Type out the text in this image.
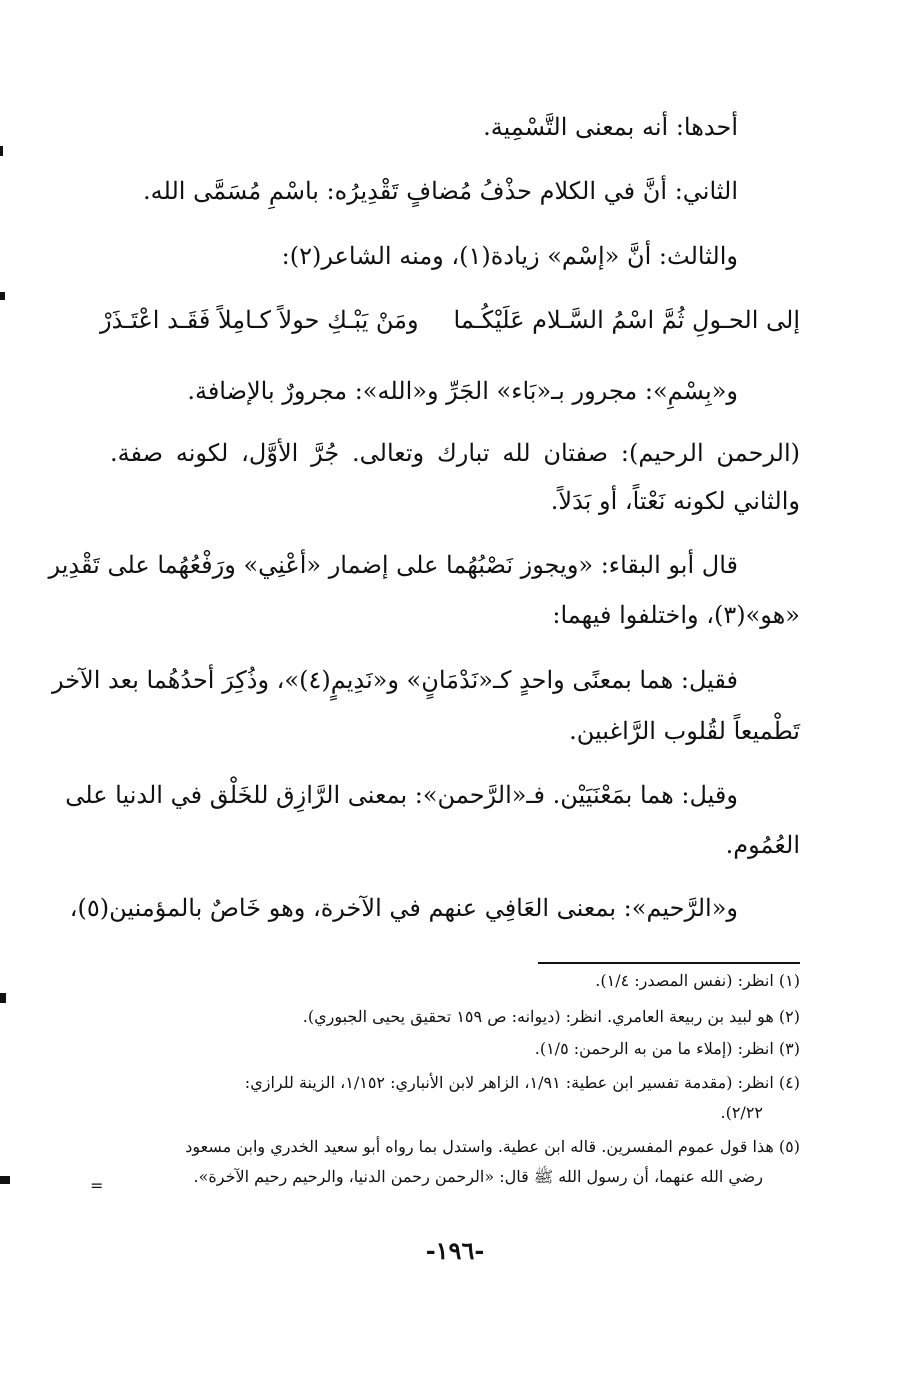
أحدها: أنه بمعنى التَّسْمِية.
الثاني: أنَّ في الكلام حذْفُ مُضافٍ تَقْدِيرُه: باسْمِ مُسَمَّى الله.
والثالث: أنَّ «إسْم» زيادة(١)، ومنه الشاعر(٢):
إلى الحـولِ ثُمَّ اسْمُ السَّـلام عَلَيْكُـما
ومَنْ يَبْـكِ حولاً كـامِلاً فَقَـد اعْتَـذَرْ
و«بِسْمِ»: مجرور بـ«بَاء» الجَرِّ و«الله»: مجرورٌ بالإضافة.
(الرحمن الرحيم): صفتان لله تبارك وتعالى. جُرَّ الأوَّل، لكونه صفة.
والثاني لكونه نَعْتاً، أو بَدَلاً.
قال أبو البقاء: «ويجوز نَصْبُهُما على إضمار «أعْنِي» ورَفْعُهُما على تَقْدِير
«هو»(٣)، واختلفوا فيهما:
فقيل: هما بمعنًى واحدٍ كـ«نَدْمَانٍ» و«نَدِيمٍ(٤)»، وذُكِرَ أحدُهُما بعد الآخر
تَطْميعاً لقُلوب الرَّاغبين.
وقيل: هما بمَعْنَيَيْن. فـ«الرَّحمن»: بمعنى الرَّازِق للخَلْق في الدنيا على
العُمُوم.
و«الرَّحيم»: بمعنى العَافِي عنهم في الآخرة، وهو خَاصٌ بالمؤمنين(٥)،
(١) انظر: (نفس المصدر: ١/٤).
(٢) هو لبيد بن ربيعة العامري. انظر: (ديوانه: ص ١٥٩ تحقيق يحيى الجبوري).
(٣) انظر: (إملاء ما من به الرحمن: ١/٥).
(٤) انظر: (مقدمة تفسير ابن عطية: ١/٩١، الزاهر لابن الأنباري: ١/١٥٢، الزينة للرازي:
٢/٢٢).
(٥) هذا قول عموم المفسرين. قاله ابن عطية. واستدل بما رواه أبو سعيد الخدري وابن مسعود
رضي الله عنهما، أن رسول الله ﷺ قال: «الرحمن رحمن الدنيا، والرحيم رحيم الآخرة».
=
-١٩٦-
